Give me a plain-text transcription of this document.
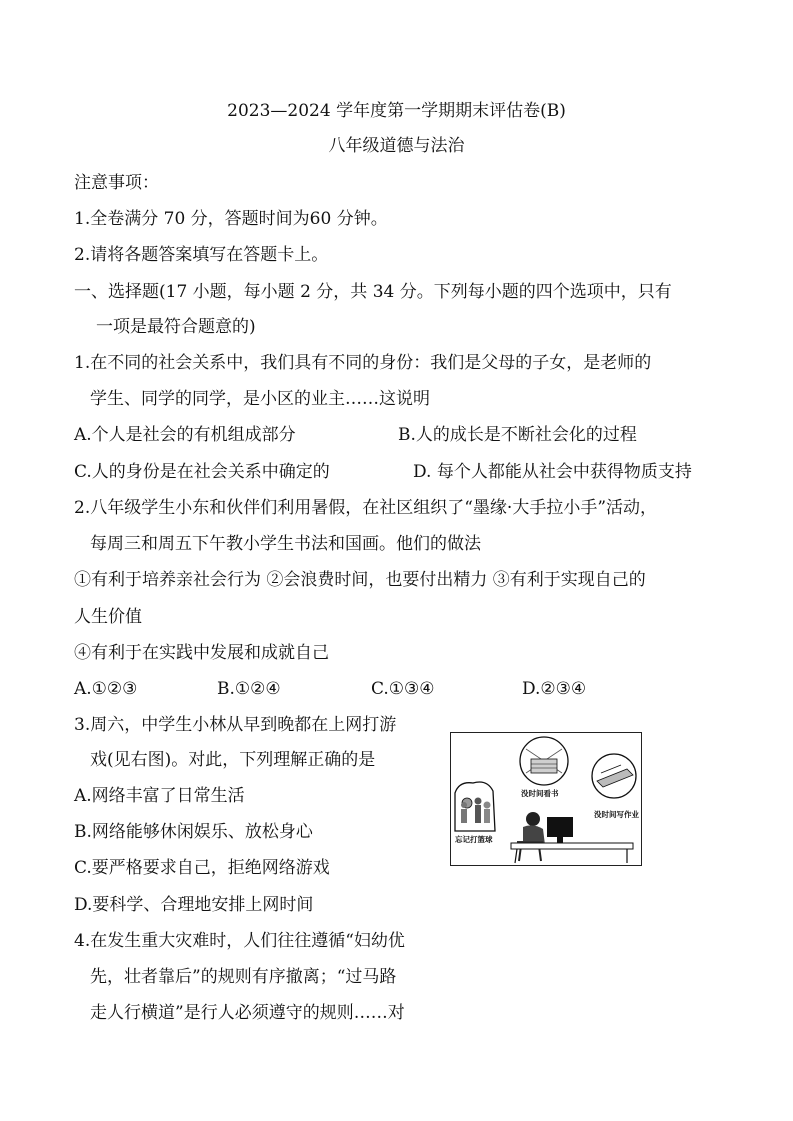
2023—2024 学年度第一学期期末评估卷(B)
八年级道德与法治
注意事项：
1.全卷满分 70 分，答题时间为60 分钟。
2.请将各题答案填写在答题卡上。
一、选择题(17 小题，每小题 2 分，共 34 分。下列每小题的四个选项中，只有
一项是最符合题意的)
1.在不同的社会关系中，我们具有不同的身份：我们是父母的子女，是老师的
学生、同学的同学，是小区的业主……这说明
A.个人是社会的有机组成部分	B.人的成长是不断社会化的过程
C.人的身份是在社会关系中确定的	D. 每个人都能从社会中获得物质支持
2.八年级学生小东和伙伴们利用暑假，在社区组织了“墨缘·大手拉小手”活动，
每周三和周五下午教小学生书法和国画。他们的做法
①有利于培养亲社会行为 ②会浪费时间，也要付出精力 ③有利于实现自己的
人生价值
④有利于在实践中发展和成就自己
A.①②③	B.①②④	C.①③④	D.②③④
3.周六，中学生小林从早到晚都在上网打游
戏(见右图)。对此，下列理解正确的是
A.网络丰富了日常生活
B.网络能够休闲娱乐、放松身心
C.要严格要求自己，拒绝网络游戏
D.要科学、合理地安排上网时间
没时间看书
没时间写作业
忘记打篮球
4.在发生重大灾难时，人们往往遵循“妇幼优
先，壮者靠后”的规则有序撤离；“过马路
走人行横道”是行人必须遵守的规则……对
